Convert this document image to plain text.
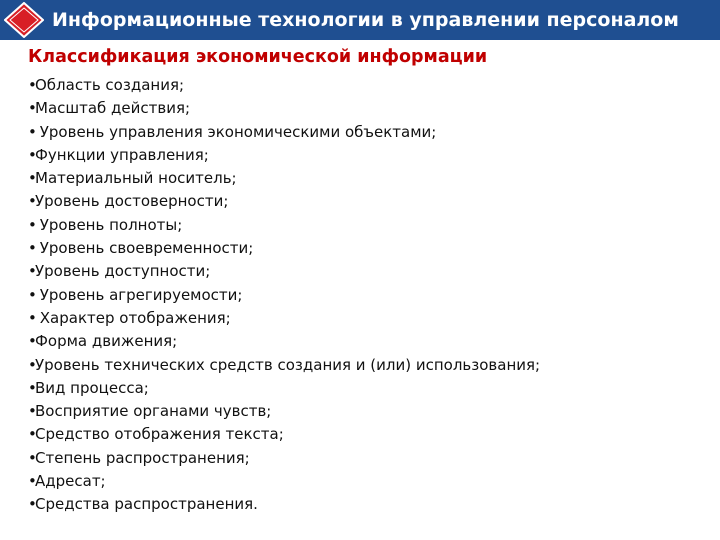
Информационные технологии в управлении персоналом
Классификация экономической информации
•Область создания;
•Масштаб действия;
• Уровень управления экономическими объектами;
•Функции управления;
•Материальный носитель;
•Уровень достоверности;
• Уровень полноты;
• Уровень своевременности;
•Уровень доступности;
• Уровень агрегируемости;
• Характер отображения;
•Форма движения;
•Уровень технических средств создания и (или) использования;
•Вид процесса;
•Восприятие органами чувств;
•Средство отображения текста;
•Степень распространения;
•Адресат;
•Средства распространения.
